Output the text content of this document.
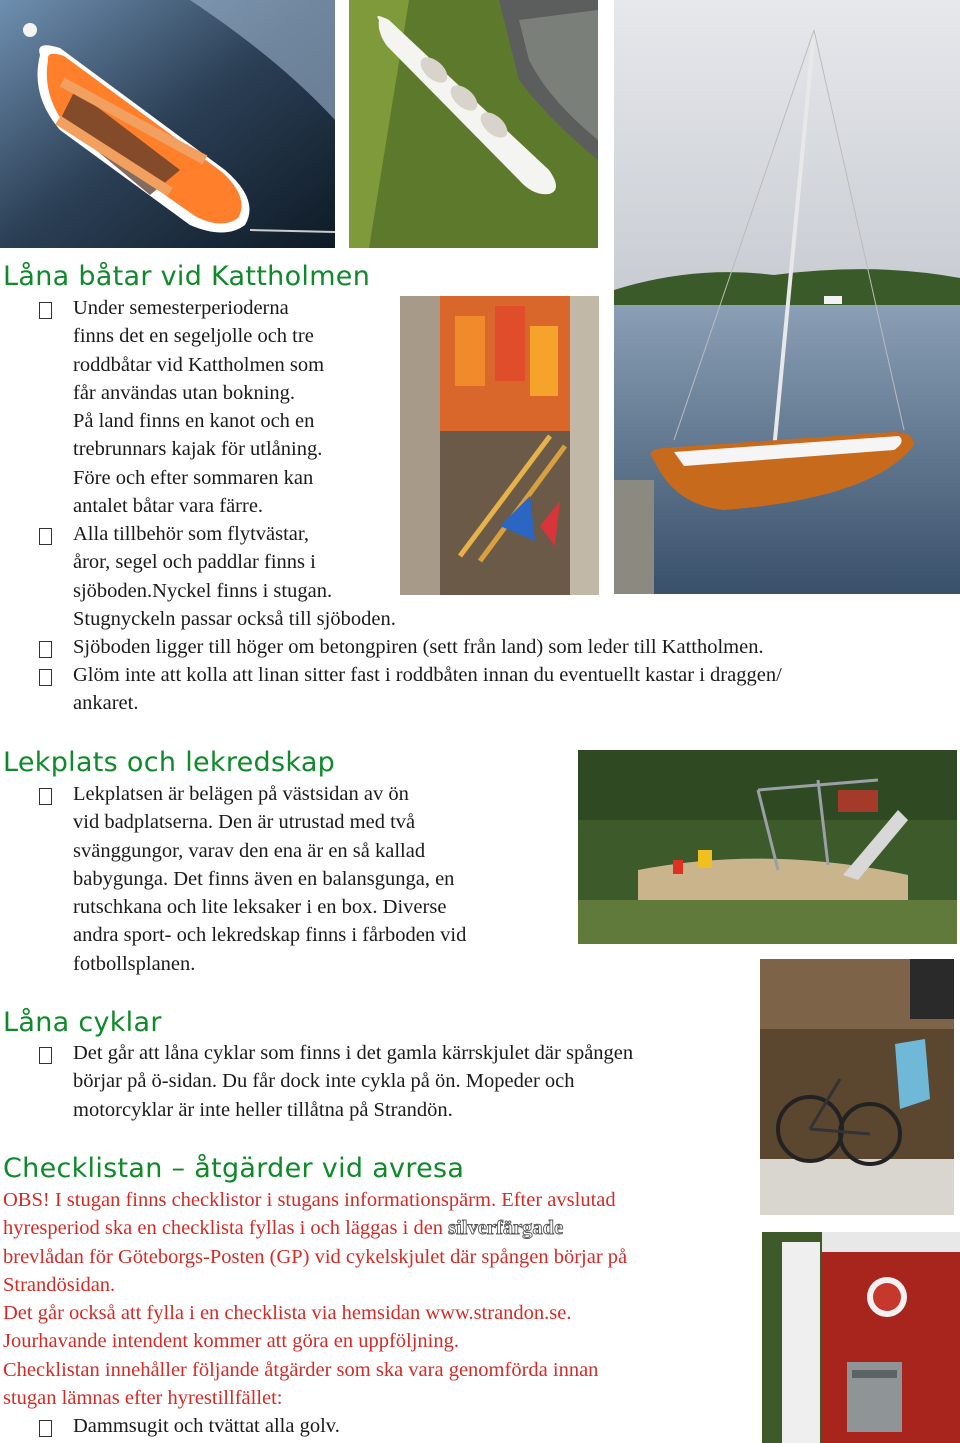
Låna båtar vid Kattholmen
Under semesterperioderna
finns det en segeljolle och tre
roddbåtar vid Kattholmen som
får användas utan bokning.
På land finns en kanot och en
trebrunnars kajak för utlåning.
Före och efter sommaren kan
antalet båtar vara färre.
Alla tillbehör som flytvästar,
åror, segel och paddlar finns i
sjöboden.Nyckel finns i stugan.
Stugnyckeln passar också till sjöboden.
Sjöboden ligger till höger om betongpiren (sett från land) som leder till Kattholmen.
Glöm inte att kolla att linan sitter fast i roddbåten innan du eventuellt kastar i draggen/
ankaret.
Lekplats och lekredskap
Lekplatsen är belägen på västsidan av ön
vid badplatserna. Den är utrustad med två
svänggungor, varav den ena är en så kallad
babygunga. Det finns även en balansgunga, en
rutschkana och lite leksaker i en box. Diverse
andra sport- och lekredskap finns i fårboden vid
fotbollsplanen.
Låna cyklar
Det går att låna cyklar som finns i det gamla kärrskjulet där spången
börjar på ö-sidan. Du får dock inte cykla på ön. Mopeder och
motorcyklar är inte heller tillåtna på Strandön.
Checklistan – åtgärder vid avresa
OBS! I stugan finns checklistor i stugans informationspärm. Efter avslutad
hyresperiod ska en checklista fyllas i och läggas i den silverfärgade
brevlådan för Göteborgs-Posten (GP) vid cykelskjulet där spången börjar på
Strandösidan.
Det går också att fylla i en checklista via hemsidan www.strandon.se.
Jourhavande intendent kommer att göra en uppföljning.
Checklistan innehåller följande åtgärder som ska vara genomförda innan
stugan lämnas efter hyrestillfället:
Dammsugit och tvättat alla golv.
